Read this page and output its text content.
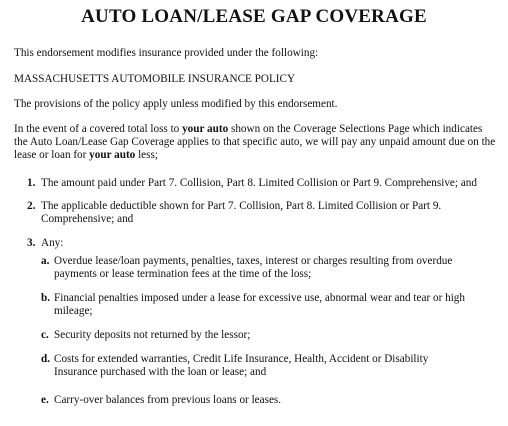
AUTO LOAN/LEASE GAP COVERAGE
This endorsement modifies insurance provided under the following:
MASSACHUSETTS AUTOMOBILE INSURANCE POLICY
The provisions of the policy apply unless modified by this endorsement.
In the event of a covered total loss to your auto shown on the Coverage Selections Page which indicates the Auto Loan/Lease Gap Coverage applies to that specific auto, we will pay any unpaid amount due on the lease or loan for your auto less;
1. The amount paid under Part 7. Collision, Part 8. Limited Collision or Part 9. Comprehensive; and
2. The applicable deductible shown for Part 7. Collision, Part 8. Limited Collision or Part 9. Comprehensive; and
3. Any:
a. Overdue lease/loan payments, penalties, taxes, interest or charges resulting from overdue payments or lease termination fees at the time of the loss;
b. Financial penalties imposed under a lease for excessive use, abnormal wear and tear or high mileage;
c. Security deposits not returned by the lessor;
d. Costs for extended warranties, Credit Life Insurance, Health, Accident or Disability Insurance purchased with the loan or lease; and
e. Carry-over balances from previous loans or leases.
